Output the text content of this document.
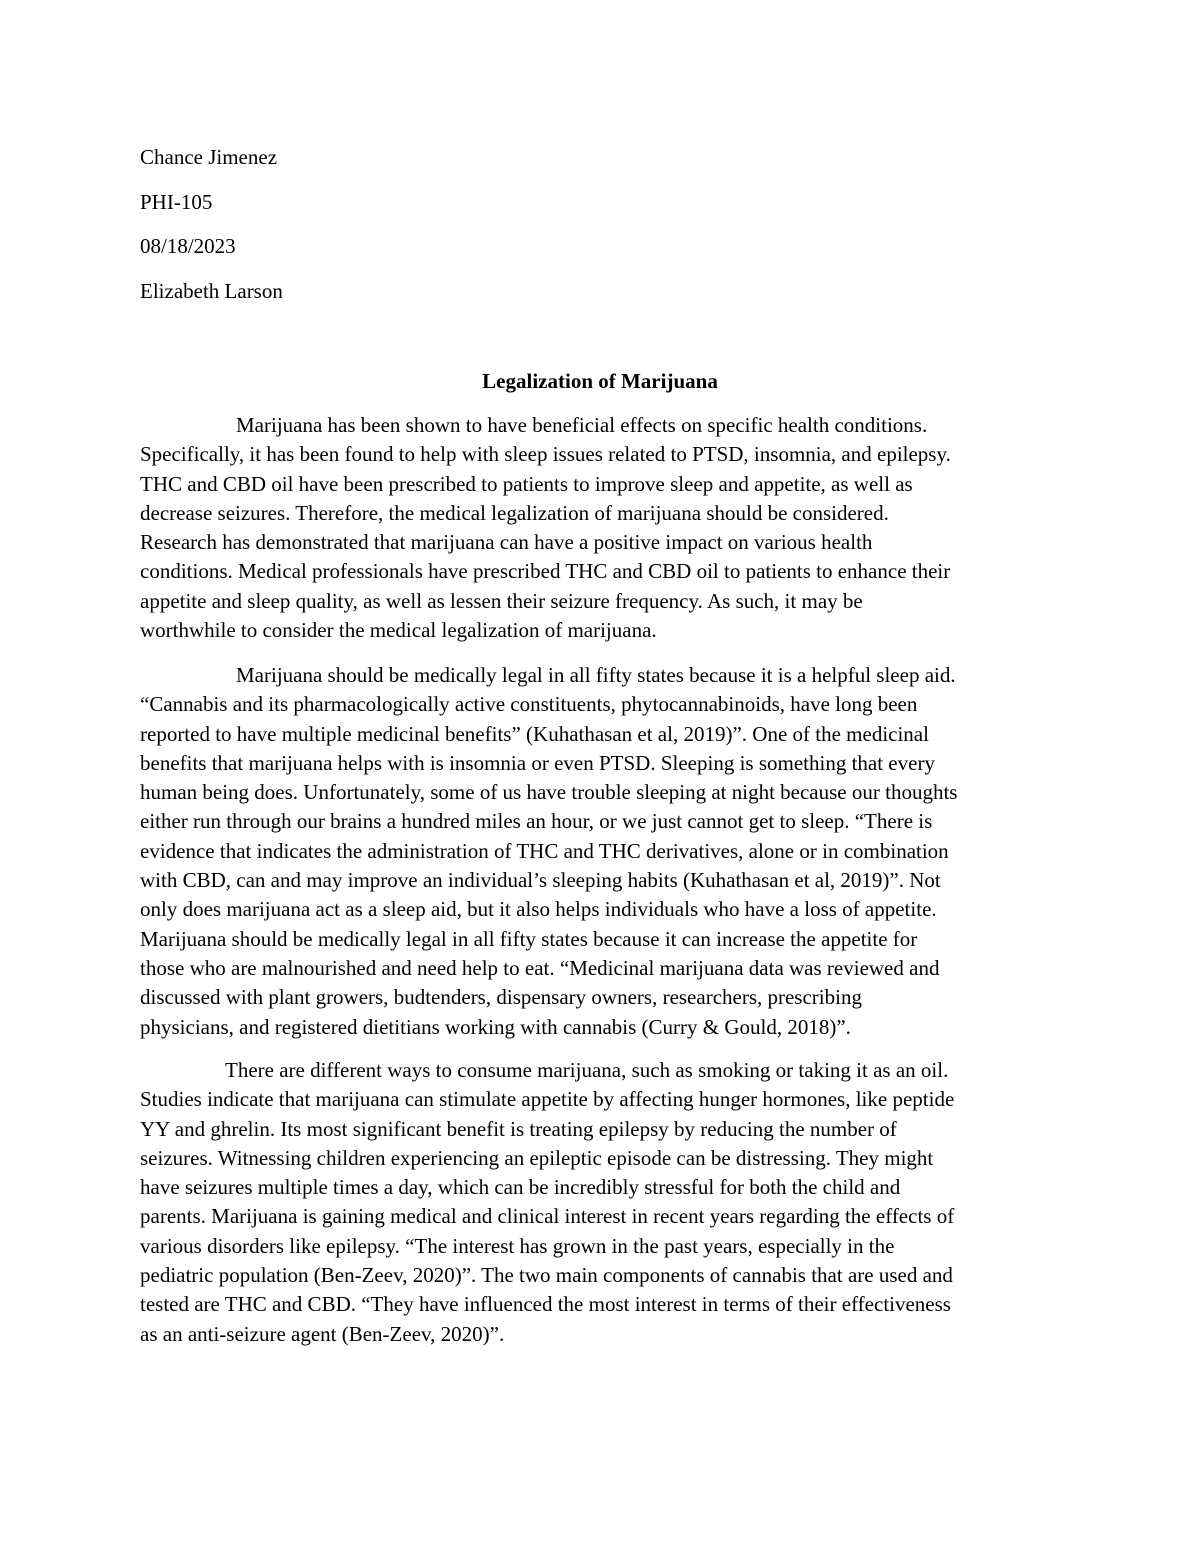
Chance Jimenez
PHI-105
08/18/2023
Elizabeth Larson
Legalization of Marijuana
Marijuana has been shown to have beneficial effects on specific health conditions.
Specifically, it has been found to help with sleep issues related to PTSD, insomnia, and epilepsy.
THC and CBD oil have been prescribed to patients to improve sleep and appetite, as well as
decrease seizures. Therefore, the medical legalization of marijuana should be considered.
Research has demonstrated that marijuana can have a positive impact on various health
conditions. Medical professionals have prescribed THC and CBD oil to patients to enhance their
appetite and sleep quality, as well as lessen their seizure frequency. As such, it may be
worthwhile to consider the medical legalization of marijuana.
Marijuana should be medically legal in all fifty states because it is a helpful sleep aid.
“Cannabis and its pharmacologically active constituents, phytocannabinoids, have long been
reported to have multiple medicinal benefits” (Kuhathasan et al, 2019)”. One of the medicinal
benefits that marijuana helps with is insomnia or even PTSD. Sleeping is something that every
human being does. Unfortunately, some of us have trouble sleeping at night because our thoughts
either run through our brains a hundred miles an hour, or we just cannot get to sleep. “There is
evidence that indicates the administration of THC and THC derivatives, alone or in combination
with CBD, can and may improve an individual’s sleeping habits (Kuhathasan et al, 2019)”. Not
only does marijuana act as a sleep aid, but it also helps individuals who have a loss of appetite.
Marijuana should be medically legal in all fifty states because it can increase the appetite for
those who are malnourished and need help to eat. “Medicinal marijuana data was reviewed and
discussed with plant growers, budtenders, dispensary owners, researchers, prescribing
physicians, and registered dietitians working with cannabis (Curry & Gould, 2018)”.
There are different ways to consume marijuana, such as smoking or taking it as an oil.
Studies indicate that marijuana can stimulate appetite by affecting hunger hormones, like peptide
YY and ghrelin. Its most significant benefit is treating epilepsy by reducing the number of
seizures. Witnessing children experiencing an epileptic episode can be distressing. They might
have seizures multiple times a day, which can be incredibly stressful for both the child and
parents. Marijuana is gaining medical and clinical interest in recent years regarding the effects of
various disorders like epilepsy. “The interest has grown in the past years, especially in the
pediatric population (Ben-Zeev, 2020)”. The two main components of cannabis that are used and
tested are THC and CBD. “They have influenced the most interest in terms of their effectiveness
as an anti-seizure agent (Ben-Zeev, 2020)”.
